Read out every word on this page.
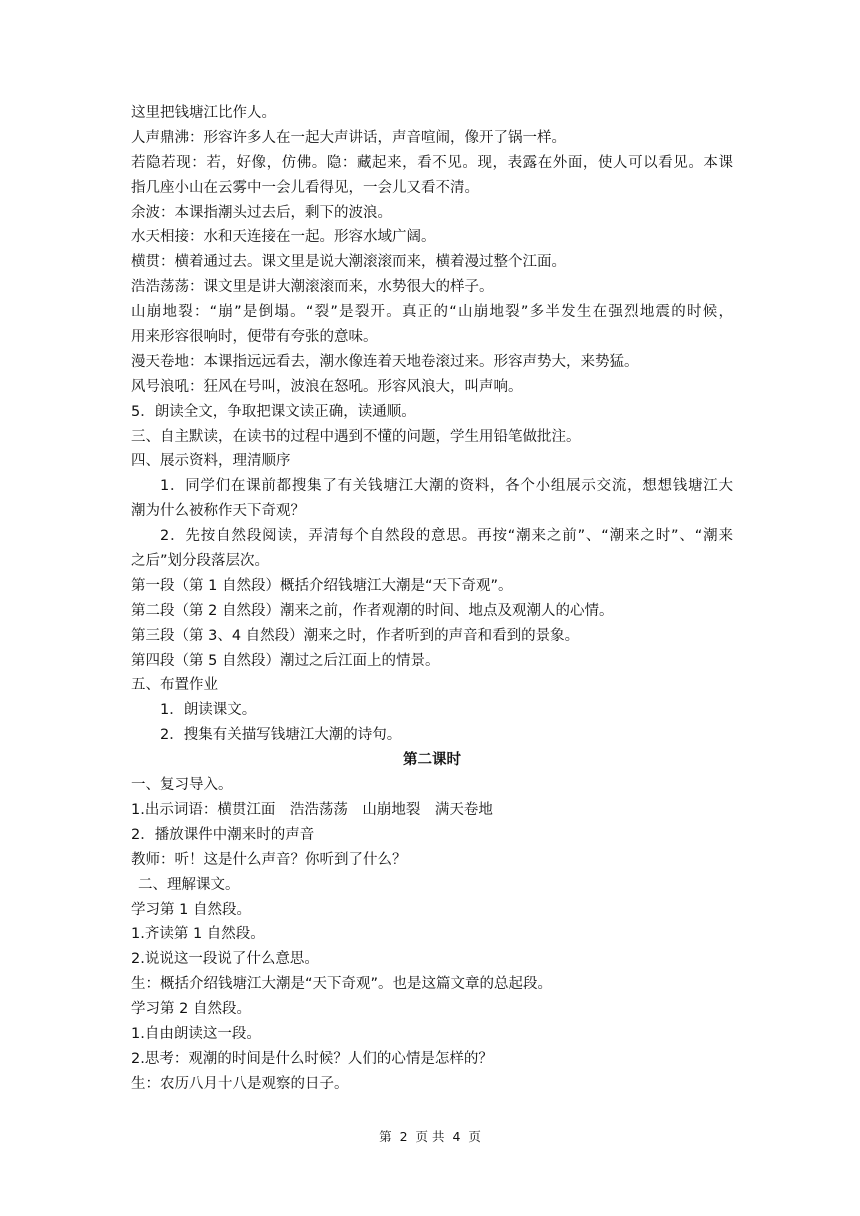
这里把钱塘江比作人。
人声鼎沸：形容许多人在一起大声讲话，声音喧闹，像开了锅一样。
若隐若现：若，好像，仿佛。隐：藏起来，看不见。现，表露在外面，使人可以看见。本课
指几座小山在云雾中一会儿看得见，一会儿又看不清。
余波：本课指潮头过去后，剩下的波浪。
水天相接：水和天连接在一起。形容水域广阔。
横贯：横着通过去。课文里是说大潮滚滚而来，横着漫过整个江面。
浩浩荡荡：课文里是讲大潮滚滚而来，水势很大的样子。
山崩地裂：“崩”是倒塌。“裂”是裂开。真正的“山崩地裂”多半发生在强烈地震的时候，
用来形容很响时，便带有夸张的意味。
漫天卷地：本课指远远看去，潮水像连着天地卷滚过来。形容声势大，来势猛。
风号浪吼：狂风在号叫，波浪在怒吼。形容风浪大，叫声响。
5．朗读全文，争取把课文读正确，读通顺。
三、自主默读，在读书的过程中遇到不懂的问题，学生用铅笔做批注。
四、展示资料，理清顺序
1．同学们在课前都搜集了有关钱塘江大潮的资料，各个小组展示交流，想想钱塘江大
潮为什么被称作天下奇观？
2．先按自然段阅读，弄清每个自然段的意思。再按“潮来之前”、“潮来之时”、“潮来
之后”划分段落层次。
第一段（第 1 自然段）概括介绍钱塘江大潮是“天下奇观”。
第二段（第 2 自然段）潮来之前，作者观潮的时间、地点及观潮人的心情。
第三段（第 3、4 自然段）潮来之时，作者听到的声音和看到的景象。
第四段（第 5 自然段）潮过之后江面上的情景。
五、布置作业
1．朗读课文。
2．搜集有关描写钱塘江大潮的诗句。
第二课时
一、复习导入。
1.出示词语：横贯江面　浩浩荡荡　山崩地裂　满天卷地
2．播放课件中潮来时的声音
教师：听！这是什么声音？你听到了什么？
二、理解课文。
学习第 1 自然段。
1.齐读第 1 自然段。
2.说说这一段说了什么意思。
生：概括介绍钱塘江大潮是“天下奇观”。也是这篇文章的总起段。
学习第 2 自然段。
1.自由朗读这一段。
2.思考：观潮的时间是什么时候？人们的心情是怎样的？
生：农历八月十八是观察的日子。
第 2 页 共 4 页
